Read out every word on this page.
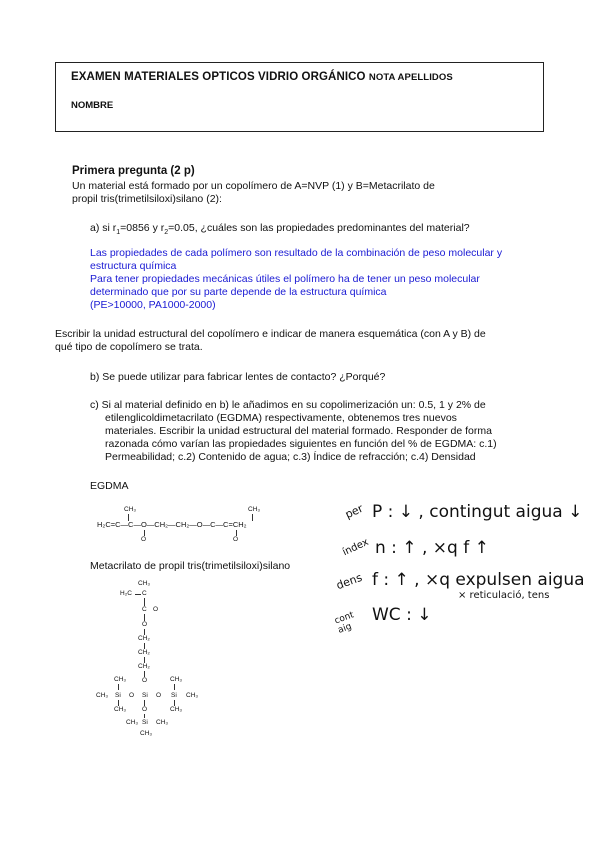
EXAMEN MATERIALES OPTICOS VIDRIO ORGÁNICO NOTA APELLIDOS
NOMBRE
Primera pregunta (2 p)
Un material está formado por un copolímero de A=NVP (1) y B=Metacrilato de
propil tris(trimetilsiloxi)silano (2):
a) si $r_1=0856$ y $r_2=0.05$, ¿cuáles son las propiedades predominantes del material?
Las propiedades de cada polímero son resultado de la combinación de peso molecular y
estructura química
Para tener propiedades mecánicas útiles el polímero ha de tener un peso molecular
determinado que por su parte depende de la estructura química
(PE>10000, PA1000-2000)
Escribir la unidad estructural del copolímero e indicar de manera esquemática (con A y B) de
qué tipo de copolímero se trata.
b) Se puede utilizar para fabricar lentes de contacto? ¿Porqué?
c) Si al material definido en b) le añadimos en su copolimerización un: 0.5, 1 y 2% de
etilenglicoldimetacrilato (EGDMA) respectivamente, obtenemos tres nuevos
materiales. Escribir la unidad estructural del material formado. Responder de forma
razonada cómo varían las propiedades siguientes en función del % de EGDMA: c.1)
Permeabilidad; c.2) Contenido de agua; c.3) Índice de refracción; c.4) Densidad
EGDMA
CH₃	CH₃
H₂C=C—C—O—CH₂—CH₂—O—C—C=CH₂
O	O
Metacrilato de propil tris(trimetilsiloxi)silano
CH₃
H₂C C
C O
O
CH₂
CH₂
CH₂
O
CH₃	CH₃
CH₃ Si O Si O Si CH₃
CH₃	CH₃
O
CH₃ Si CH₃
CH₃
per P : ↓ , contingut aigua ↓
índex n : ↑ , ×q f ↑
dens f : ↑ , ×q expulsen aigua
× reticulació, tens
cont aig
WC : ↓
